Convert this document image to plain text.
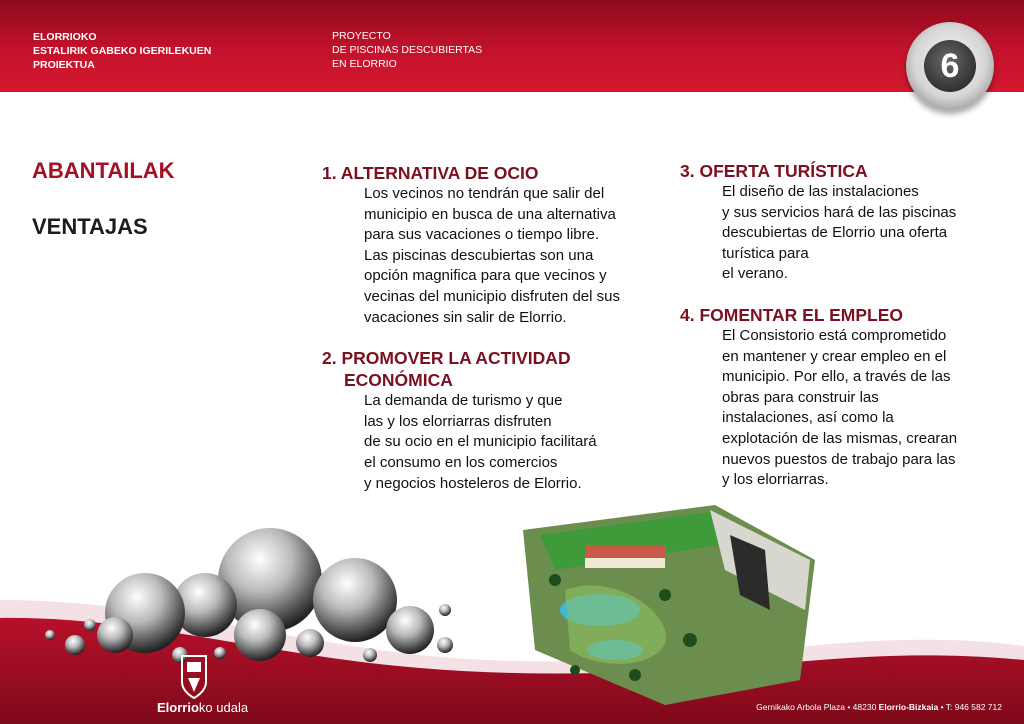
ELORRIOKO
ESTALIRIK GABEKO IGERILEKUEN
PROIEKTUA
PROYECTO
DE PISCINAS DESCUBIERTAS
EN ELORRIO	6
ABANTAILAK
VENTAJAS
1. ALTERNATIVA DE OCIO

Los vecinos no tendrán que salir del
municipio en busca de una alternativa
para sus vacaciones o tiempo libre.
Las piscinas descubiertas son una
opción magnifica para que vecinos y
vecinas del municipio disfruten del sus
vacaciones sin salir de Elorrio.

2. PROMOVER LA ACTIVIDAD
ECONÓMICA

La demanda de turismo y que
las y los elorriarras disfruten
de su ocio en el municipio facilitará
el consumo en los comercios
y negocios hosteleros de Elorrio.

3. OFERTA TURÍSTICA

El diseño de las instalaciones
y sus servicios hará de las piscinas
descubiertas de Elorrio una oferta
turística para
el verano.

4. FOMENTAR EL EMPLEO

El Consistorio está comprometido
en mantener y crear empleo en el
municipio. Por ello, a través de las
obras para construir las
instalaciones, así como la
explotación de las mismas, crearan
nuevos puestos de trabajo para las
y los elorriarras.

Elorrioko udala	Gernikako Arbola Plaza • 48230 Elorrio-Bizkaia • T: 946 582 712
